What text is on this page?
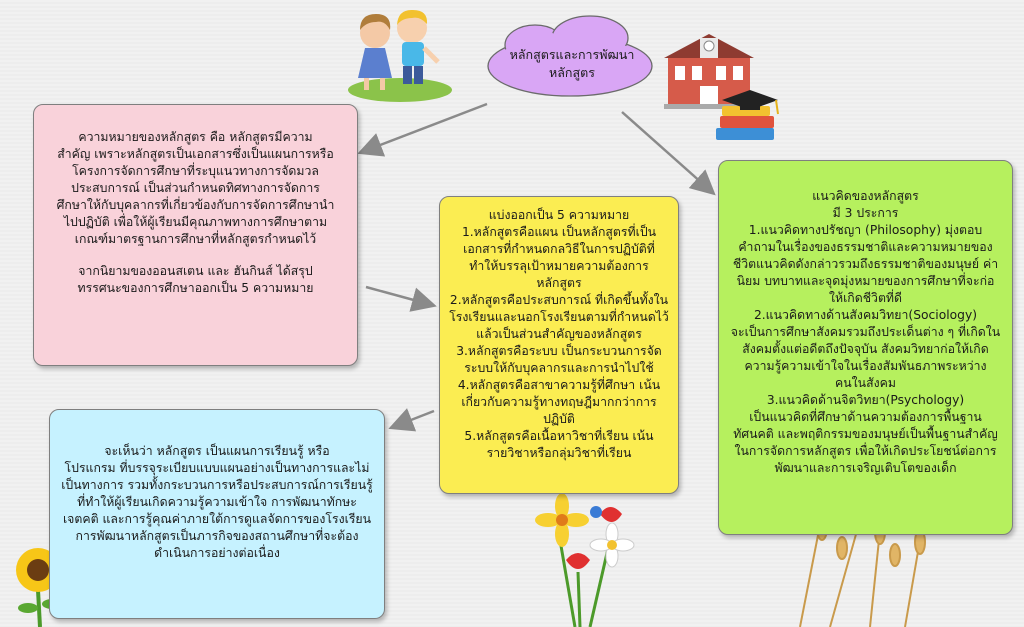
หลักสูตรและการพัฒนา
หลักสูตร

ความหมายของหลักสูตร คือ หลักสูตรมีความ

สำคัญ เพราะหลักสูตรเป็นเอกสารซึ่งเป็นแผนการหรือ

โครงการจัดการศึกษาที่ระบุแนวทางการจัดมวล

ประสบการณ์ เป็นส่วนกำหนดทิศทางการจัดการ

ศึกษาให้กับบุคลากรที่เกี่ยวข้องกับการจัดการศึกษานำ

ไปปฏิบัติ เพื่อให้ผู้เรียนมีคุณภาพทางการศึกษาตาม

เกณฑ์มาตรฐานการศึกษาที่หลักสูตรกำหนดไว้

จากนิยามของออนสเตน และ ฮันกินส์ ได้สรุป

ทรรศนะของการศึกษาออกเป็น 5 ความหมาย

แบ่งออกเป็น 5 ความหมาย

1.หลักสูตรคือแผน เป็นหลักสูตรที่เป็น

เอกสารที่กำหนดกลวิธีในการปฏิบัติที่

ทำให้บรรลุเป้าหมายความต้องการ

หลักสูตร

2.หลักสูตรคือประสบการณ์ ที่เกิดขึ้นทั้งใน

โรงเรียนและนอกโรงเรียนตามที่กำหนดไว้

แล้วเป็นส่วนสำคัญของหลักสูตร

3.หลักสูตรคือระบบ เป็นกระบวนการจัด

ระบบให้กับบุคลากรและการนำไปใช้

4.หลักสูตรคือสาขาความรู้ที่ศึกษา เน้น

เกี่ยวกับความรู้ทางทฤษฎีมากกว่าการ

ปฏิบัติ

5.หลักสูตรคือเนื้อหาวิชาที่เรียน เน้น

รายวิชาหรือกลุ่มวิชาที่เรียน

แนวคิดของหลักสูตร

มี 3 ประการ

1.แนวคิดทางปรัชญา (Philosophy) มุ่งตอบ

คำถามในเรื่องของธรรมชาติและความหมายของ

ชีวิตแนวคิดดังกล่าวรวมถึงธรรมชาติของมนุษย์ ค่า

นิยม บทบาทและจุดมุ่งหมายของการศึกษาที่จะก่อ

ให้เกิดชีวิตที่ดี

2.แนวคิดทางด้านสังคมวิทยา(Sociology)

จะเป็นการศึกษาสังคมรวมถึงประเด็นต่าง ๆ ที่เกิดใน

สังคมตั้งแต่อดีตถึงปัจจุบัน สังคมวิทยาก่อให้เกิด

ความรู้ความเข้าใจในเรื่องสัมพันธภาพระหว่าง

คนในสังคม

3.แนวคิดด้านจิตวิทยา(Psychology)

เป็นแนวคิดที่ศึกษาด้านความต้องการพื้นฐาน

ทัศนคติ และพฤติกรรมของมนุษย์เป็นพื้นฐานสำคัญ

ในการจัดการหลักสูตร เพื่อให้เกิดประโยชน์ต่อการ

พัฒนาและการเจริญเติบโตของเด็ก

จะเห็นว่า หลักสูตร เป็นแผนการเรียนรู้ หรือ

โปรแกรม ที่บรรจุระเบียบแบบแผนอย่างเป็นทางการและไม่

เป็นทางการ รวมทั้งกระบวนการหรือประสบการณ์การเรียนรู้

ที่ทำให้ผู้เรียนเกิดความรู้ความเข้าใจ การพัฒนาทักษะ

เจตคติ และการรู้คุณค่าภายใต้การดูแลจัดการของโรงเรียน

การพัฒนาหลักสูตรเป็นภารกิจของสถานศึกษาที่จะต้อง

ดำเนินการอย่างต่อเนื่อง
